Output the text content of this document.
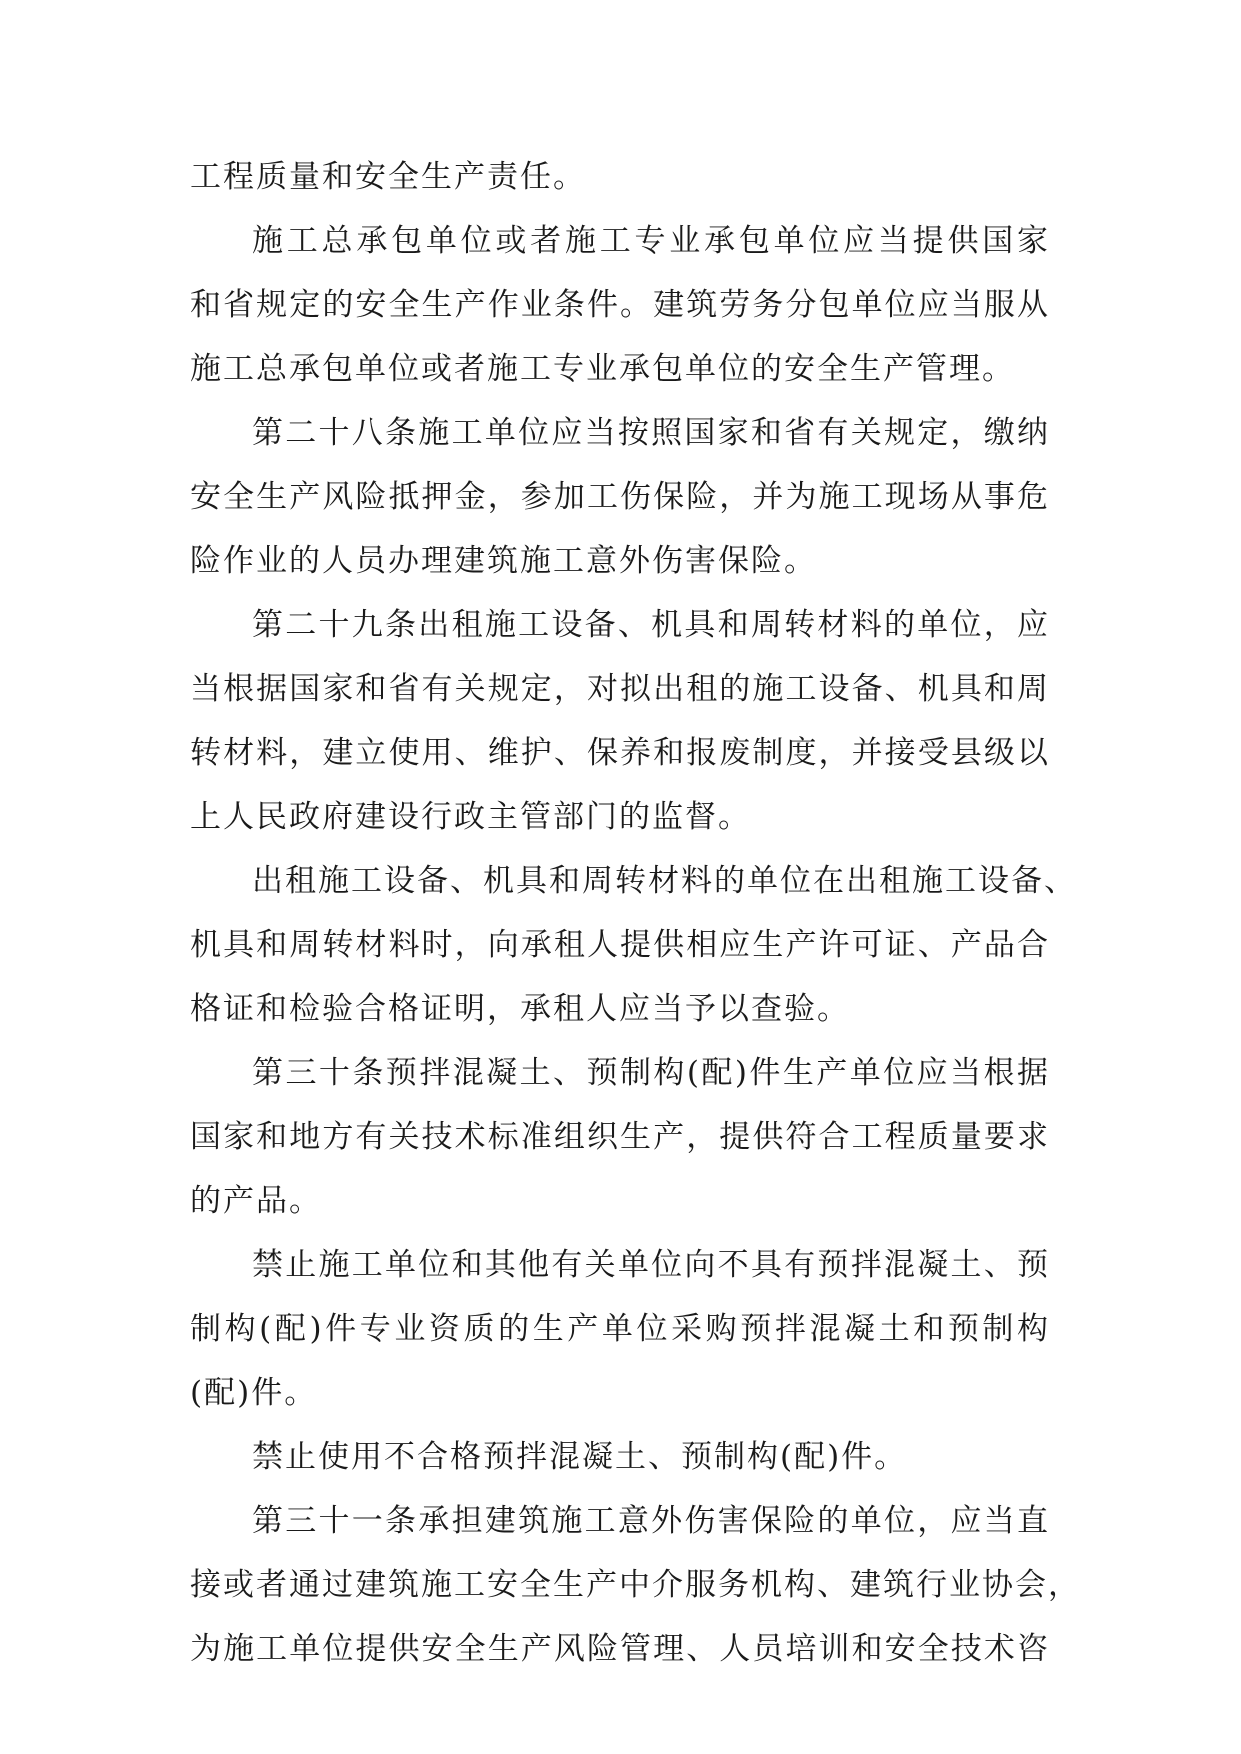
工程质量和安全生产责任。
施工总承包单位或者施工专业承包单位应当提供国家
和省规定的安全生产作业条件。建筑劳务分包单位应当服从
施工总承包单位或者施工专业承包单位的安全生产管理。
第二十八条施工单位应当按照国家和省有关规定，缴纳
安全生产风险抵押金，参加工伤保险，并为施工现场从事危
险作业的人员办理建筑施工意外伤害保险。
第二十九条出租施工设备、机具和周转材料的单位，应
当根据国家和省有关规定，对拟出租的施工设备、机具和周
转材料，建立使用、维护、保养和报废制度，并接受县级以
上人民政府建设行政主管部门的监督。
出租施工设备、机具和周转材料的单位在出租施工设备、
机具和周转材料时，向承租人提供相应生产许可证、产品合
格证和检验合格证明，承租人应当予以查验。
第三十条预拌混凝土、预制构(配)件生产单位应当根据
国家和地方有关技术标准组织生产，提供符合工程质量要求
的产品。
禁止施工单位和其他有关单位向不具有预拌混凝土、预
制构(配)件专业资质的生产单位采购预拌混凝土和预制构
(配)件。
禁止使用不合格预拌混凝土、预制构(配)件。
第三十一条承担建筑施工意外伤害保险的单位，应当直
接或者通过建筑施工安全生产中介服务机构、建筑行业协会，
为施工单位提供安全生产风险管理、人员培训和安全技术咨
